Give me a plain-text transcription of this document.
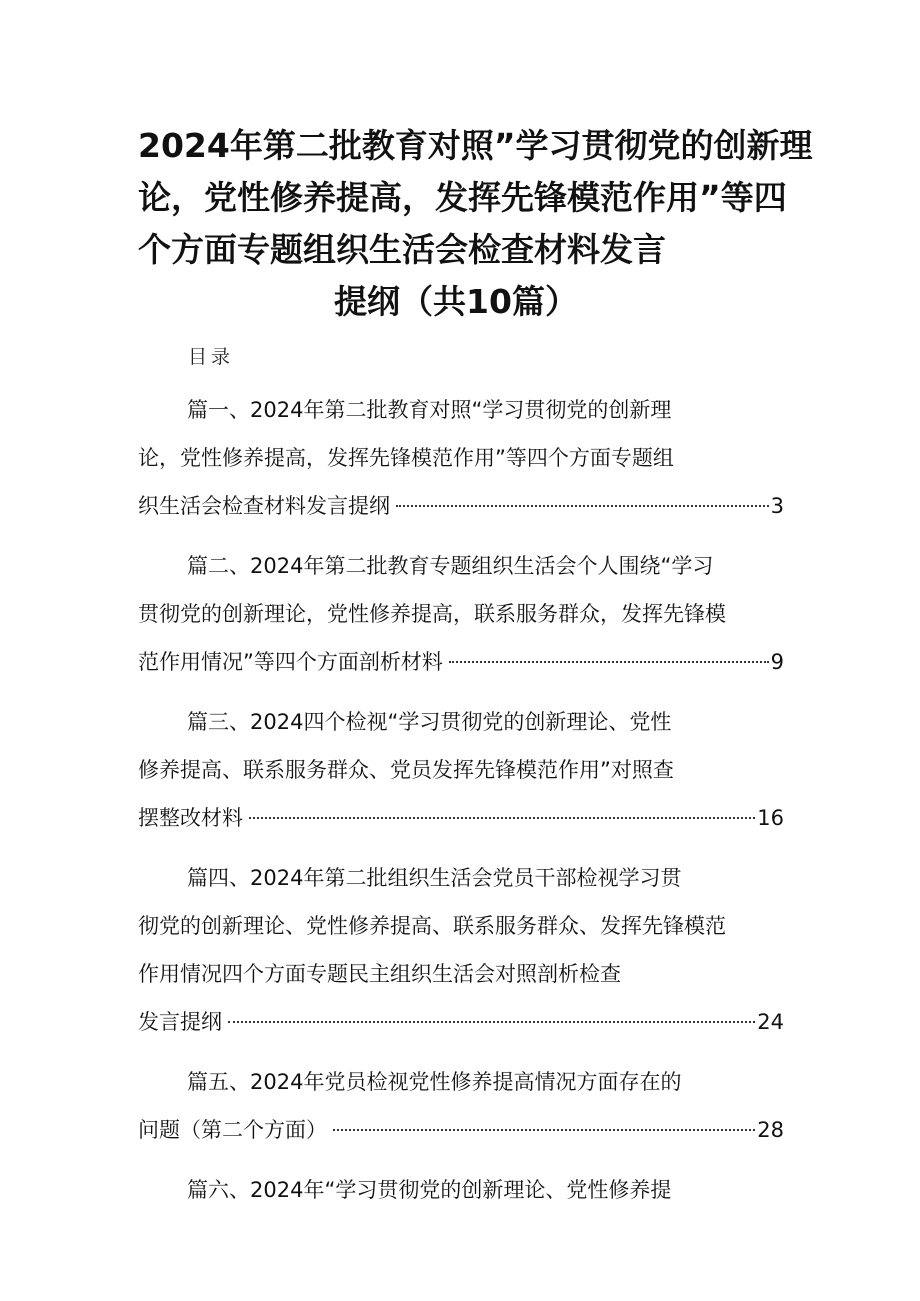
2024年第二批教育对照”学习贯彻党的创新理
论，党性修养提高，发挥先锋模范作用”等四
个方面专题组织生活会检查材料发言
提纲（共10篇）
目录
篇一、2024年第二批教育对照“学习贯彻党的创新理
论，党性修养提高，发挥先锋模范作用”等四个方面专题组
织生活会检查材料发言提纲	3
篇二、2024年第二批教育专题组织生活会个人围绕“学习
贯彻党的创新理论，党性修养提高，联系服务群众，发挥先锋模
范作用情况”等四个方面剖析材料	9
篇三、2024四个检视“学习贯彻党的创新理论、党性
修养提高、联系服务群众、党员发挥先锋模范作用”对照查
摆整改材料	16
篇四、2024年第二批组织生活会党员干部检视学习贯
彻党的创新理论、党性修养提高、联系服务群众、发挥先锋模范
作用情况四个方面专题民主组织生活会对照剖析检查
发言提纲	24
篇五、2024年党员检视党性修养提高情况方面存在的
问题（第二个方面）	28
篇六、2024年“学习贯彻党的创新理论、党性修养提
